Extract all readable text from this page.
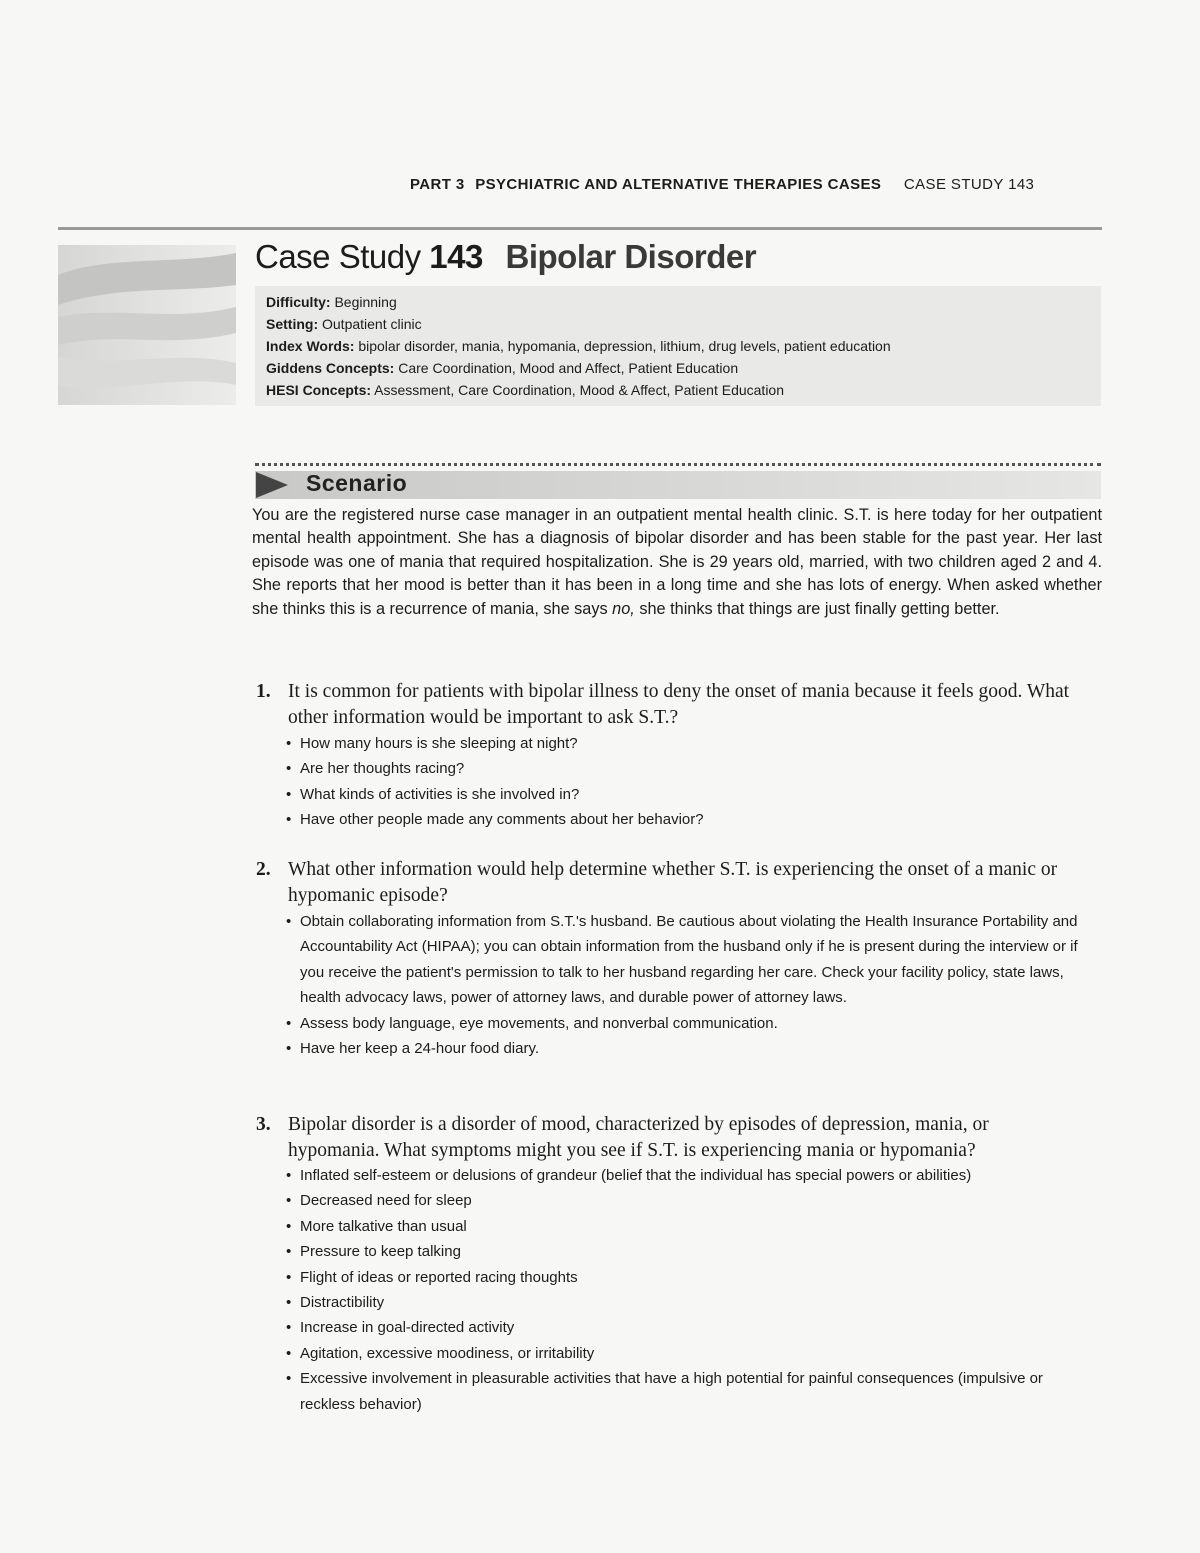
PART 3 PSYCHIATRIC AND ALTERNATIVE THERAPIES CASES CASE STUDY 143
Case Study 143 Bipolar Disorder
Difficulty: Beginning
Setting: Outpatient clinic
Index Words: bipolar disorder, mania, hypomania, depression, lithium, drug levels, patient education
Giddens Concepts: Care Coordination, Mood and Affect, Patient Education
HESI Concepts: Assessment, Care Coordination, Mood & Affect, Patient Education
Scenario
You are the registered nurse case manager in an outpatient mental health clinic. S.T. is here today for her outpatient mental health appointment. She has a diagnosis of bipolar disorder and has been stable for the past year. Her last episode was one of mania that required hospitalization. She is 29 years old, married, with two children aged 2 and 4. She reports that her mood is better than it has been in a long time and she has lots of energy. When asked whether she thinks this is a recurrence of mania, she says no, she thinks that things are just finally getting better.
1. It is common for patients with bipolar illness to deny the onset of mania because it feels good. What other information would be important to ask S.T.?
• How many hours is she sleeping at night?
• Are her thoughts racing?
• What kinds of activities is she involved in?
• Have other people made any comments about her behavior?
2. What other information would help determine whether S.T. is experiencing the onset of a manic or hypomanic episode?
• Obtain collaborating information from S.T.'s husband. Be cautious about violating the Health Insurance Portability and Accountability Act (HIPAA); you can obtain information from the husband only if he is present during the interview or if you receive the patient's permission to talk to her husband regarding her care. Check your facility policy, state laws, health advocacy laws, power of attorney laws, and durable power of attorney laws.
• Assess body language, eye movements, and nonverbal communication.
• Have her keep a 24-hour food diary.
3. Bipolar disorder is a disorder of mood, characterized by episodes of depression, mania, or hypomania. What symptoms might you see if S.T. is experiencing mania or hypomania?
• Inflated self-esteem or delusions of grandeur (belief that the individual has special powers or abilities)
• Decreased need for sleep
• More talkative than usual
• Pressure to keep talking
• Flight of ideas or reported racing thoughts
• Distractibility
• Increase in goal-directed activity
• Agitation, excessive moodiness, or irritability
• Excessive involvement in pleasurable activities that have a high potential for painful consequences (impulsive or reckless behavior)
